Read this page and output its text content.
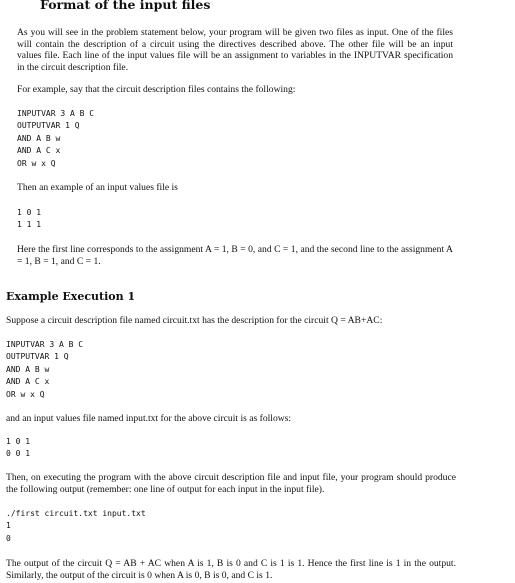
Format of the input files

As you will see in the problem statement below, your program will be given two files as input. One of the files will contain the description of a circuit using the directives described above. The other file will be an input values file. Each line of the input values file will be an assignment to variables in the INPUTVAR specification in the circuit description file.

For example, say that the circuit description files contains the following:

INPUTVAR 3 A B C
OUTPUTVAR 1 Q
AND A B w
AND A C x
OR w x Q

Then an example of an input values file is

1 0 1
1 1 1

Here the first line corresponds to the assignment A = 1, B = 0, and C = 1, and the second line to the assignment A = 1, B = 1, and C = 1.

Example Execution 1

Suppose a circuit description file named circuit.txt has the description for the circuit Q = AB+AC:

INPUTVAR 3 A B C
OUTPUTVAR 1 Q
AND A B w
AND A C x
OR w x Q

and an input values file named input.txt for the above circuit is as follows:

1 0 1
0 0 1

Then, on executing the program with the above circuit description file and input file, your program should produce the following output (remember: one line of output for each input in the input file).

./first circuit.txt input.txt
1
0

The output of the circuit Q = AB + AC when A is 1, B is 0 and C is 1 is 1. Hence the first line is 1 in the output. Similarly, the output of the circuit is 0 when A is 0, B is 0, and C is 1.
